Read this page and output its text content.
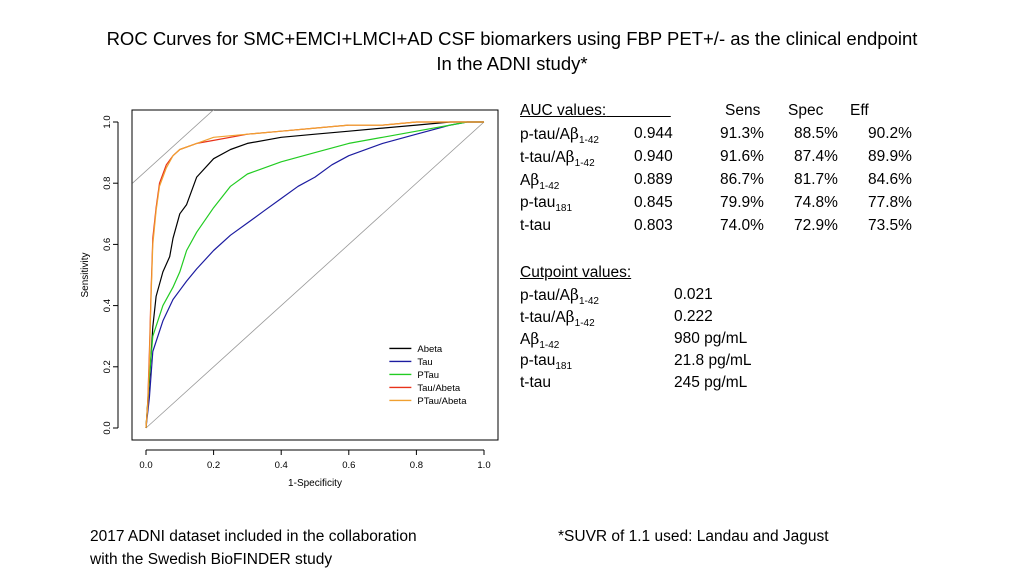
ROC Curves for SMC+EMCI+LMCI+AD CSF biomarkers using FBP PET+/- as the clinical endpoint
In the ADNI study*
0.0	0.2	0.4	0.6	0.8	1.0
0.0
0.2
0.4
0.6
0.8
1.0
1-Specificity
Sensitivity
Abeta
Tau
PTau
Tau/Abeta
PTau/Abeta
AUC values:	Sens Spec Eff
$p-tau/A\beta_{1-42}$ 0.944	91.3% 88.5% 90.2%
$t-tau/A\beta_{1-42}$	0.940	91.6% 87.4% 89.9%
$A\beta_{1-42}$	0.889	86.7% 81.7% 84.6%
p-tau$_{181}$	0.845	79.9% 74.8% 77.8%
t-tau	0.803	74.0% 72.9% 73.5%
Cutpoint values:
$p-tau/A\beta_{1-42}$	0.021
$t-tau/A\beta_{1-42}$	0.222
$A\beta_{1-42}$	980 pg/mL
p-tau$_{181}$	21.8 pg/mL
t-tau	245 pg/mL
2017 ADNI dataset included in the collaboration
with the Swedish BioFINDER study
*SUVR of 1.1 used: Landau and Jagust
